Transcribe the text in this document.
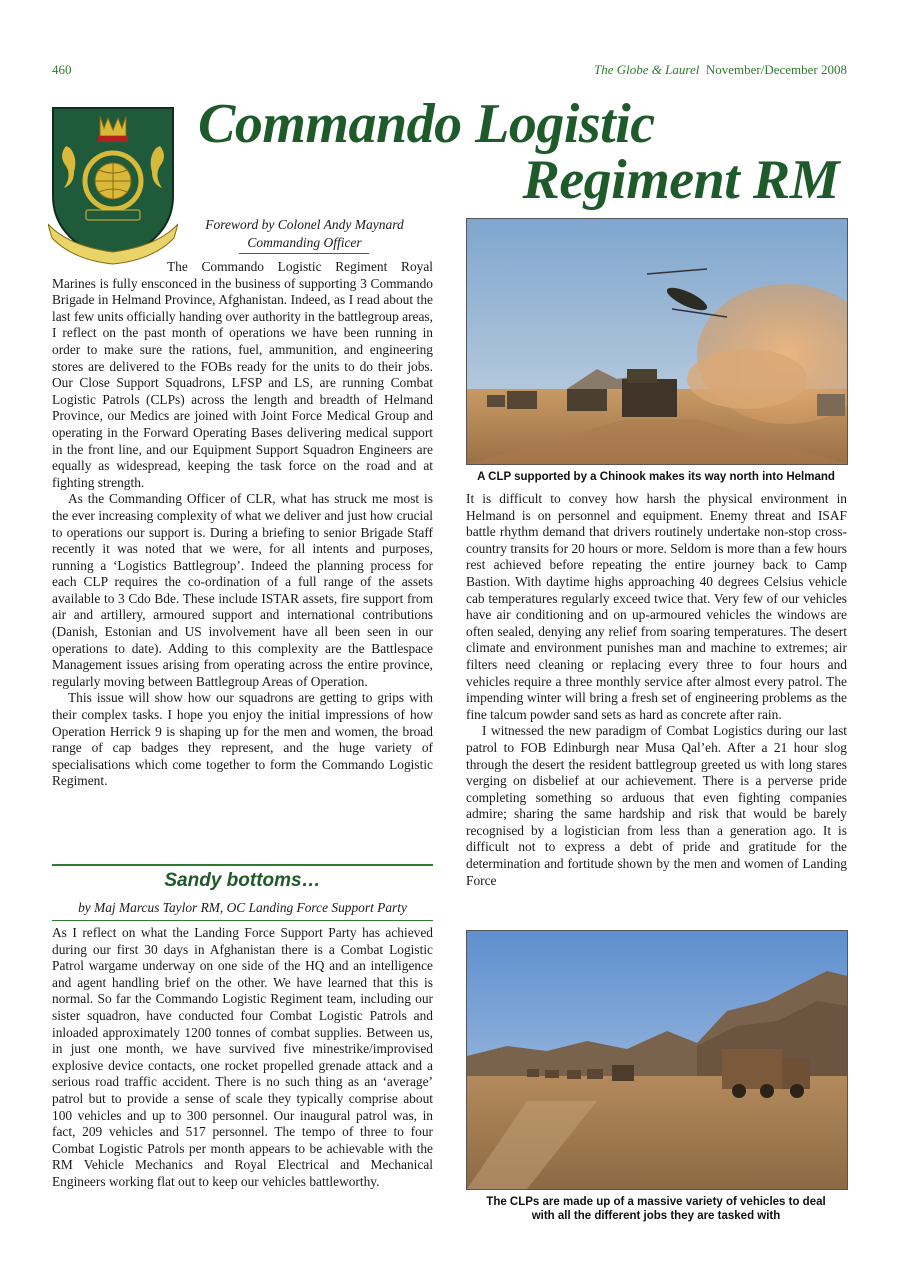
460	The Globe & Laurel November/December 2008
Commando Logistic
Regiment RM
Foreword by Colonel Andy Maynard
Commanding Officer

The Commando Logistic Regiment Royal Marines is fully ensconced in the business of supporting 3 Commando Brigade in Helmand Province, Afghanistan. Indeed, as I read about the last few units officially handing over authority in the battlegroup areas, I reflect on the past month of operations we have been running in order to make sure the rations, fuel, ammunition, and engineering stores are delivered to the FOBs ready for the units to do their jobs. Our Close Support Squadrons, LFSP and LS, are running Combat Logistic Patrols (CLPs) across the length and breadth of Helmand Province, our Medics are joined with Joint Force Medical Group and operating in the Forward Operating Bases delivering medical support in the front line, and our Equipment Support Squadron Engineers are equally as widespread, keeping the task force on the road and at fighting strength.

As the Commanding Officer of CLR, what has struck me most is the ever increasing complexity of what we deliver and just how crucial to operations our support is. During a briefing to senior Brigade Staff recently it was noted that we were, for all intents and purposes, running a ‘Logistics Battlegroup’. Indeed the planning process for each CLP requires the co-ordination of a full range of the assets available to 3 Cdo Bde. These include ISTAR assets, fire support from air and artillery, armoured support and international contributions (Danish, Estonian and US involvement have all been seen in our operations to date). Adding to this complexity are the Battlespace Management issues arising from operating across the entire province, regularly moving between Battlegroup Areas of Operation.

This issue will show how our squadrons are getting to grips with their complex tasks. I hope you enjoy the initial impressions of how Operation Herrick 9 is shaping up for the men and women, the broad range of cap badges they represent, and the huge variety of specialisations which come together to form the Commando Logistic Regiment.

Sandy bottoms…
by Maj Marcus Taylor RM, OC Landing Force Support Party

As I reflect on what the Landing Force Support Party has achieved during our first 30 days in Afghanistan there is a Combat Logistic Patrol wargame underway on one side of the HQ and an intelligence and agent handling brief on the other. We have learned that this is normal. So far the Commando Logistic Regiment team, including our sister squadron, have conducted four Combat Logistic Patrols and inloaded approximately 1200 tonnes of combat supplies. Between us, in just one month, we have survived five minestrike/improvised explosive device contacts, one rocket propelled grenade attack and a serious road traffic accident. There is no such thing as an ‘average’ patrol but to provide a sense of scale they typically comprise about 100 vehicles and up to 300 personnel. Our inaugural patrol was, in fact, 209 vehicles and 517 personnel. The tempo of three to four Combat Logistic Patrols per month appears to be achievable with the RM Vehicle Mechanics and Royal Electrical and Mechanical Engineers working flat out to keep our vehicles battleworthy.

A CLP supported by a Chinook makes its way north into Helmand

It is difficult to convey how harsh the physical environment in Helmand is on personnel and equipment. Enemy threat and ISAF battle rhythm demand that drivers routinely undertake non-stop cross-country transits for 20 hours or more. Seldom is more than a few hours rest achieved before repeating the entire journey back to Camp Bastion. With daytime highs approaching 40 degrees Celsius vehicle cab temperatures regularly exceed twice that. Very few of our vehicles have air conditioning and on up-armoured vehicles the windows are often sealed, denying any relief from soaring temperatures. The desert climate and environment punishes man and machine to extremes; air filters need cleaning or replacing every three to four hours and vehicles require a three monthly service after almost every patrol. The impending winter will bring a fresh set of engineering problems as the fine talcum powder sand sets as hard as concrete after rain.

I witnessed the new paradigm of Combat Logistics during our last patrol to FOB Edinburgh near Musa Qal’eh. After a 21 hour slog through the desert the resident battlegroup greeted us with long stares verging on disbelief at our achievement. There is a perverse pride completing something so arduous that even fighting companies admire; sharing the same hardship and risk that would be barely recognised by a logistician from less than a generation ago. It is difficult not to express a debt of pride and gratitude for the determination and fortitude shown by the men and women of Landing Force

The CLPs are made up of a massive variety of vehicles to deal
with all the different jobs they are tasked with
